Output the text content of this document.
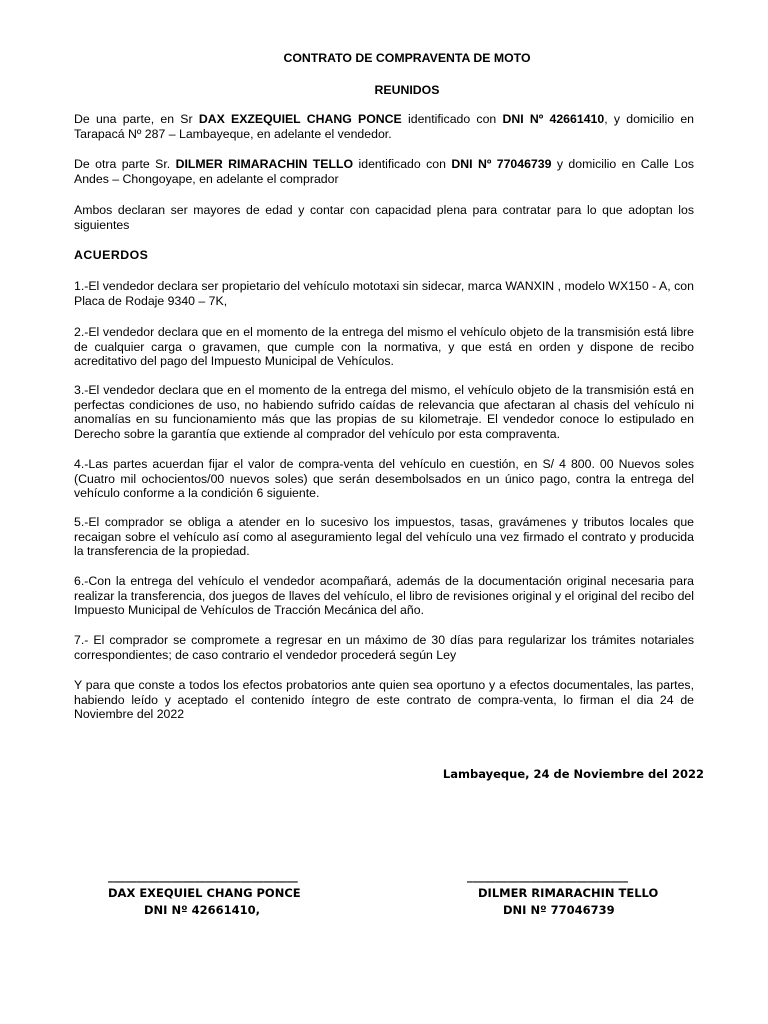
CONTRATO DE COMPRAVENTA DE MOTO
REUNIDOS
De una parte, en Sr DAX EXZEQUIEL CHANG PONCE identificado con DNI Nº 42661410, y domicilio en Tarapacá Nº 287 – Lambayeque, en adelante el vendedor.
De otra parte Sr. DILMER RIMARACHIN TELLO identificado con DNI Nº 77046739 y domicilio en Calle Los Andes – Chongoyape, en adelante el comprador
Ambos declaran ser mayores de edad y contar con capacidad plena para contratar para lo que adoptan los siguientes
ACUERDOS
1.-El vendedor declara ser propietario del vehículo mototaxi sin sidecar, marca WANXIN , modelo WX150 - A, con Placa de Rodaje 9340 – 7K,
2.-El vendedor declara que en el momento de la entrega del mismo el vehículo objeto de la transmisión está libre de cualquier carga o gravamen, que cumple con la normativa, y que está en orden y dispone de recibo acreditativo del pago del Impuesto Municipal de Vehículos.
3.-El vendedor declara que en el momento de la entrega del mismo, el vehículo objeto de la transmisión está en perfectas condiciones de uso, no habiendo sufrido caídas de relevancia que afectaran al chasis del vehículo ni anomalías en su funcionamiento más que las propias de su kilometraje. El vendedor conoce lo estipulado en Derecho sobre la garantía que extiende al comprador del vehículo por esta compraventa.
4.-Las partes acuerdan fijar el valor de compra-venta del vehículo en cuestión, en S/ 4 800. 00 Nuevos soles (Cuatro mil ochocientos/00 nuevos soles) que serán desembolsados en un único pago, contra la entrega del vehículo conforme a la condición 6 siguiente.
5.-El comprador se obliga a atender en lo sucesivo los impuestos, tasas, gravámenes y tributos locales que recaigan sobre el vehículo así como al aseguramiento legal del vehículo una vez firmado el contrato y producida la transferencia de la propiedad.
6.-Con la entrega del vehículo el vendedor acompañará, además de la documentación original necesaria para realizar la transferencia, dos juegos de llaves del vehículo, el libro de revisiones original y el original del recibo del Impuesto Municipal de Vehículos de Tracción Mecánica del año.
7.- El comprador se compromete a regresar en un máximo de 30 días para regularizar los trámites notariales correspondientes; de caso contrario el vendedor procederá según Ley
Y para que conste a todos los efectos probatorios ante quien sea oportuno y a efectos documentales, las partes, habiendo leído y aceptado el contenido íntegro de este contrato de compra-venta, lo firman el dia 24 de Noviembre del 2022
Lambayeque, 24 de Noviembre del 2022
_________________________________
DAX EXEQUIEL CHANG PONCE
DNI Nº 42661410,
____________________________
DILMER RIMARACHIN TELLO
DNI Nº 77046739
